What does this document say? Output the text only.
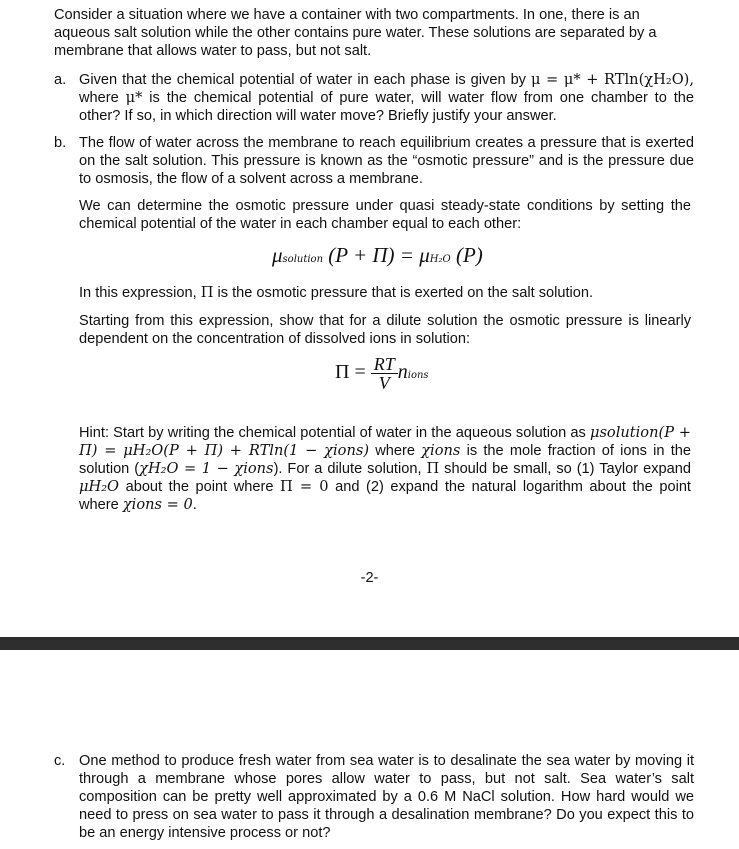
Consider a situation where we have a container with two compartments. In one, there is an aqueous salt solution while the other contains pure water. These solutions are separated by a membrane that allows water to pass, but not salt.

a. Given that the chemical potential of water in each phase is given by μ = μ* + RTln(χH₂O), where μ* is the chemical potential of pure water, will water flow from one chamber to the other? If so, in which direction will water move? Briefly justify your answer.
b. The flow of water across the membrane to reach equilibrium creates a pressure that is exerted on the salt solution. This pressure is known as the “osmotic pressure” and is the pressure due to osmosis, the flow of a solvent across a membrane.
We can determine the osmotic pressure under quasi steady-state conditions by setting the chemical potential of the water in each chamber equal to each other:
μsolution (P + Π) = μH₂O (P)
In this expression, Π is the osmotic pressure that is exerted on the salt solution.
Starting from this expression, show that for a dilute solution the osmotic pressure is linearly dependent on the concentration of dissolved ions in solution:
$\Pi = \frac{RT}{V}$ nions
Hint: Start by writing the chemical potential of water in the aqueous solution as μsolution(P + Π) = μH₂O(P + Π) + RTln(1 − χions) where χions is the mole fraction of ions in the solution (χH₂O = 1 − χions). For a dilute solution, Π should be small, so (1) Taylor expand μH₂O about the point where Π = 0 and (2) expand the natural logarithm about the point where χions = 0.
-2-
c. One method to produce fresh water from sea water is to desalinate the sea water by moving it through a membrane whose pores allow water to pass, but not salt. Sea water’s salt composition can be pretty well approximated by a 0.6 M NaCl solution. How hard would we need to press on sea water to pass it through a desalination membrane? Do you expect this to be an energy intensive process or not?
